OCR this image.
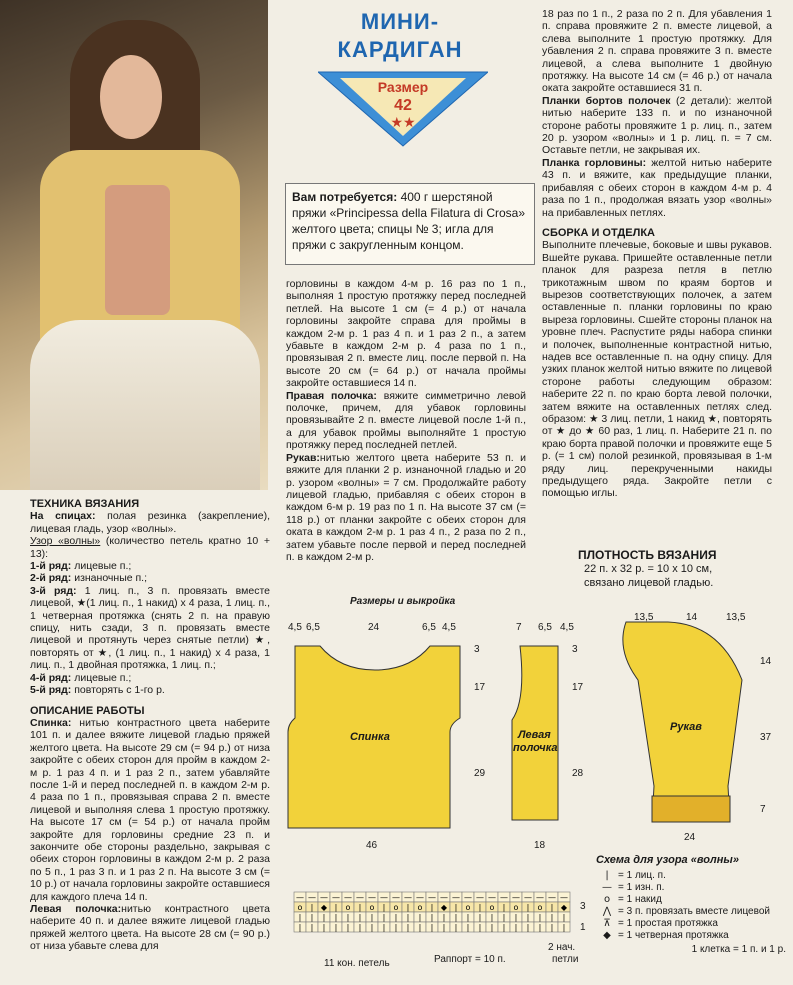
МИНИ-
КАРДИГАН
Размер
42
★★
Вам потребуется: 400 г шерстяной пряжи «Principessa della Filatura di Crosa» желтого цвета; спицы № 3; игла для пряжи с закругленным концом.

ТЕХНИКА ВЯЗАНИЯ

На спицах: полая резинка (закрепление), лицевая гладь, узор «волны».

Узор «волны» (количество петель кратно 10 + 13):

1-й ряд: лицевые п.;

2-й ряд: изнаночные п.;

3-й ряд: 1 лиц. п., 3 п. провязать вместе лицевой, ★(1 лиц. п., 1 накид) х 4 раза, 1 лиц. п., 1 четверная протяжка (снять 2 п. на правую спицу, нить сзади, 3 п. провязать вместе лицевой и протянуть через снятые петли) ★, повторять от ★, (1 лиц. п., 1 накид) х 4 раза, 1 лиц. п., 1 двойная протяжка, 1 лиц. п.;

4-й ряд: лицевые п.;

5-й ряд: повторять с 1-го р.

ОПИСАНИЕ РАБОТЫ

Спинка: нитью контрастного цвета наберите 101 п. и далее вяжите лицевой гладью пряжей желтого цвета. На высоте 29 см (= 94 р.) от низа закройте с обеих сторон для пройм в каждом 2-м р. 1 раз 4 п. и 1 раз 2 п., затем убавляйте после 1-й и перед последней п. в каждом 2-м р. 4 раза по 1 п., провязывая справа 2 п. вместе лицевой и выполняя слева 1 простую протяжку. На высоте 17 см (= 54 р.) от начала пройм закройте для горловины средние 23 п. и закончите обе стороны раздельно, закрывая с обеих сторон горловины в каждом 2-м р. 2 раза по 5 п., 1 раз 3 п. и 1 раз 2 п. На высоте 3 см (= 10 р.) от начала горловины закройте оставшиеся для каждого плеча 14 п.

Левая полочка:нитью контрастного цвета наберите 40 п. и далее вяжите лицевой гладью пряжей желтого цвета. На высоте 28 см (= 90 р.) от низа убавьте слева для

горловины в каждом 4-м р. 16 раз по 1 п., выполняя 1 простую протяжку перед последней петлей. На высоте 1 см (= 4 р.) от начала горловины закройте справа для проймы в каждом 2-м р. 1 раз 4 п. и 1 раз 2 п., а затем убавьте в каждом 2-м р. 4 раза по 1 п., провязывая 2 п. вместе лиц. после первой п. На высоте 20 см (= 64 р.) от начала проймы закройте оставшиеся 14 п.

Правая полочка: вяжите симметрично левой полочке, причем, для убавок горловины провязывайте 2 п. вместе лицевой после 1-й п., а для убавок проймы выполняйте 1 простую протяжку перед последней петлей.

Рукав:нитью желтого цвета наберите 53 п. и вяжите для планки 2 р. изнаночной гладью и 20 р. узором «волны» = 7 см. Продолжайте работу лицевой гладью, прибавляя с обеих сторон в каждом 6-м р. 19 раз по 1 п. На высоте 37 см (= 118 р.) от планки закройте с обеих сторон для оката в каждом 2-м р. 1 раз 4 п., 2 раза по 2 п., затем убавьте после первой и перед последней п. в каждом 2-м р.

18 раз по 1 п., 2 раза по 2 п. Для убавления 1 п. справа провяжите 2 п. вместе лицевой, а слева выполните 1 простую протяжку. Для убавления 2 п. справа провяжите 3 п. вместе лицевой, а слева выполните 1 двойную протяжку. На высоте 14 см (= 46 р.) от начала оката закройте оставшиеся 31 п.

Планки бортов полочек (2 детали): желтой нитью наберите 133 п. и по изнаночной стороне работы провяжите 1 р. лиц. п., затем 20 р. узором «волны» и 1 р. лиц. п. = 7 см. Оставьте петли, не закрывая их.

Планка горловины: желтой нитью наберите 43 п. и вяжите, как предыдущие планки, прибавляя с обеих сторон в каждом 4-м р. 4 раза по 1 п., продолжая вязать узор «волны» на прибавленных петлях.

СБОРКА И ОТДЕЛКА

Выполните плечевые, боковые и швы рукавов. Вшейте рукава. Пришейте оставленные петли планок для разреза петля в петлю трикотажным швом по краям бортов и вырезов соответствующих полочек, а затем оставленные п. планки горловины по краю выреза горловины. Сшейте стороны планок на уровне плеч. Распустите ряды набора спинки и полочек, выполненные контрастной нитью, надев все оставленные п. на одну спицу. Для узких планок желтой нитью вяжите по лицевой стороне работы следующим образом: наберите 22 п. по краю борта левой полочки, затем вяжите на оставленных петлях след. образом: ★ 3 лиц. петли, 1 накид ★, повторять от ★ до ★ 60 раз, 1 лиц. п. Наберите 21 п. по краю борта правой полочки и провяжите еще 5 р. (= 1 см) полой резинкой, провязывая в 1-м ряду лиц. перекрученными накиды предыдущего ряда. Закройте петли с помощью иглы.

ПЛОТНОСТЬ ВЯЗАНИЯ
22 п. х 32 р. = 10 х 10 см,
связано лицевой гладью.
Размеры и выкройка
Спинка
4,5 6,5	24	6,5 4,5
3
17
29
46
Левая
полочка
7 6,5 4,5
3
17
28
18
Рукав
13,5	14	13,5
14
37
7
24
— — — — — — — — — — — — — — — — — — — — — — —
o | ◆ | o | o | o | o | ◆ | o | o | o | o | ◆
| | | | | | | | | | | | | | | | | | | | | | |
| | | | | | | | | | | | | | | | | | | | | | |
3
1
11 кон. петель	Раппорт = 10 п.
2 нач.
петли
Схема для узора «волны»
| = 1 лиц. п.
— = 1 изн. п.
o = 1 накид
⋀ = 3 п. провязать вместе лицевой
⊼ = 1 простая протяжка
◆ = 1 четверная протяжка
1 клетка = 1 п. и 1 р.
